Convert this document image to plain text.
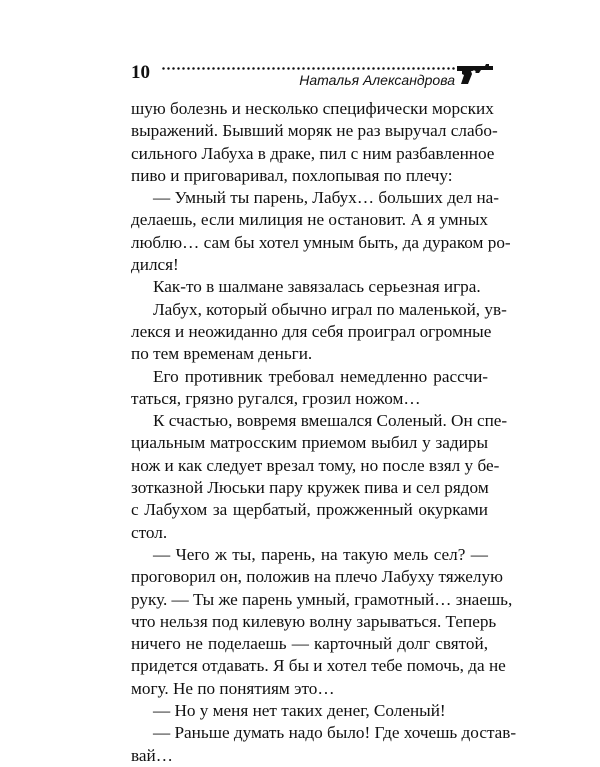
10	Наталья Александрова

шую болезнь и несколько специфически морских
выражений. Бывший моряк не раз выручал слабо-
сильного Лабуха в драке, пил с ним разбавленное
пиво и приговаривал, похлопывая по плечу:

— Умный ты парень, Лабух… больших дел на-
делаешь, если милиция не остановит. А я умных
люблю… сам бы хотел умным быть, да дураком ро-
дился!

Как-то в шалмане завязалась серьезная игра.

Лабух, который обычно играл по маленькой, ув-
лекся и неожиданно для себя проиграл огромные
по тем временам деньги.

Его противник требовал немедленно рассчи-
таться, грязно ругался, грозил ножом…

К счастью, вовремя вмешался Соленый. Он спе-
циальным матросским приемом выбил у задиры
нож и как следует врезал тому, но после взял у бе-
зотказной Люськи пару кружек пива и сел рядом
с Лабухом за щербатый, прожженный окурками
стол.

— Чего ж ты, парень, на такую мель сел? —
проговорил он, положив на плечо Лабуху тяжелую
руку. — Ты же парень умный, грамотный… знаешь,
что нельзя под килевую волну зарываться. Теперь
ничего не поделаешь — карточный долг святой,
придется отдавать. Я бы и хотел тебе помочь, да не
могу. Не по понятиям это…

— Но у меня нет таких денег, Соленый!

— Раньше думать надо было! Где хочешь достав-
вай…
